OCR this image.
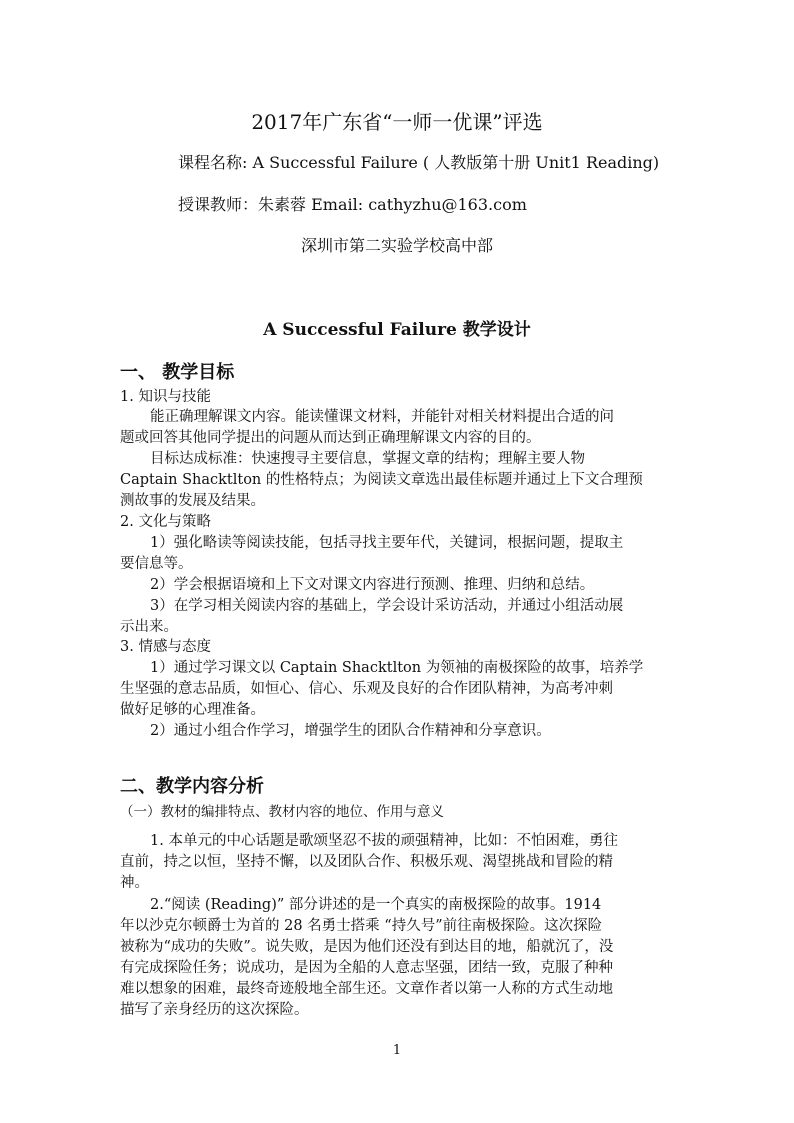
2017年广东省“一师一优课”评选

课程名称: A Successful Failure ( 人教版第十册 Unit1 Reading)

授课教师：朱素蓉 Email: cathyzhu@163.com

深圳市第二实验学校高中部

A Successful Failure 教学设计

一、 教学目标

1. 知识与技能

能正确理解课文内容。能读懂课文材料，并能针对相关材料提出合适的问

题或回答其他同学提出的问题从而达到正确理解课文内容的目的。

目标达成标准：快速搜寻主要信息，掌握文章的结构；理解主要人物

Captain Shacktlton 的性格特点；为阅读文章选出最佳标题并通过上下文合理预

测故事的发展及结果。

2. 文化与策略

1）强化略读等阅读技能，包括寻找主要年代，关键词，根据问题，提取主

要信息等。

2）学会根据语境和上下文对课文内容进行预测、推理、归纳和总结。

3）在学习相关阅读内容的基础上，学会设计采访活动，并通过小组活动展

示出来。

3. 情感与态度

1）通过学习课文以 Captain Shacktlton 为领袖的南极探险的故事，培养学

生坚强的意志品质，如恒心、信心、乐观及良好的合作团队精神，为高考冲刺

做好足够的心理准备。

2）通过小组合作学习，增强学生的团队合作精神和分享意识。

二、教学内容分析

（一）教材的编排特点、教材内容的地位、作用与意义

1. 本单元的中心话题是歌颂坚忍不拔的顽强精神，比如：不怕困难，勇往

直前，持之以恒，坚持不懈，以及团队合作、积极乐观、渴望挑战和冒险的精

神。

2.“阅读 (Reading)” 部分讲述的是一个真实的南极探险的故事。1914

年以沙克尔顿爵士为首的 28 名勇士搭乘 “持久号”前往南极探险。这次探险

被称为“成功的失败”。说失败，是因为他们还没有到达目的地，船就沉了，没

有完成探险任务；说成功，是因为全船的人意志坚强，团结一致，克服了种种

难以想象的困难，最终奇迹般地全部生还。文章作者以第一人称的方式生动地

描写了亲身经历的这次探险。

1
